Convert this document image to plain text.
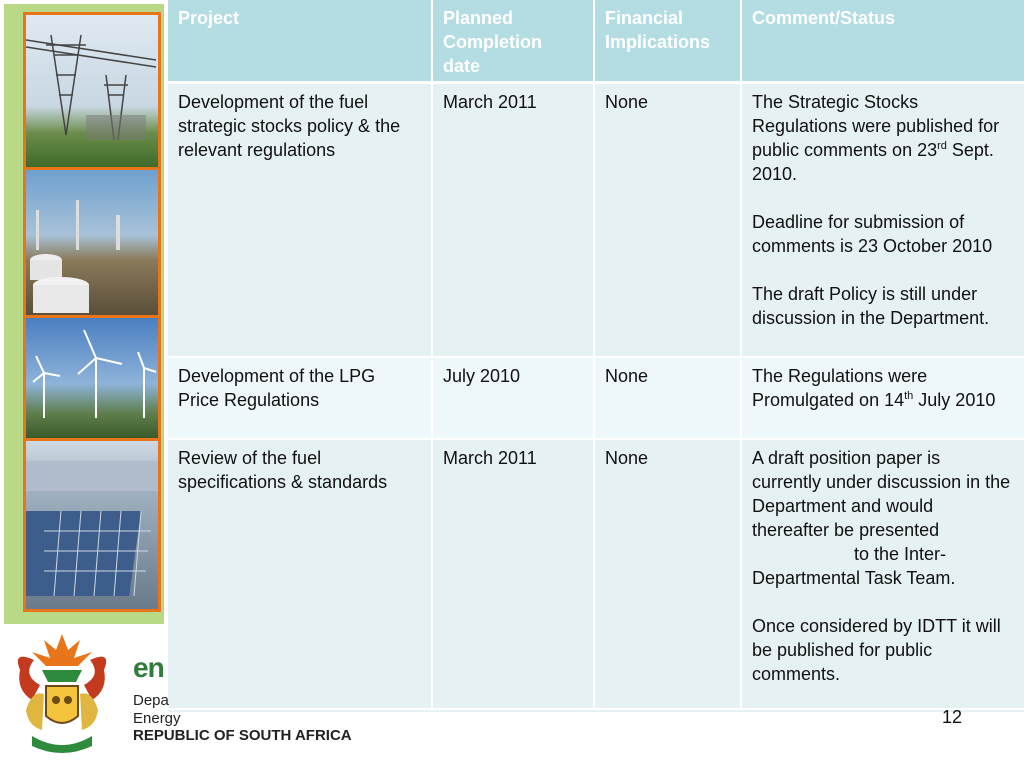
Project	Planned Completion date	Financial Implications	Comment/Status
Development of the fuel strategic stocks policy & the relevant regulations	March 2011	None	The Strategic Stocks Regulations were published for public comments on 23rd Sept. 2010.
Deadline for submission of comments is 23 October 2010
The draft Policy is still under discussion in the Department.

Development of the LPG Price Regulations	July 2010	None	The Regulations were Promulgated on 14th July 2010

Review of the fuel specifications & standards	March 2011	None	A draft position paper is currently under discussion in the Department and would thereafter be presented
to the Inter-
Departmental Task Team.
Once considered by IDTT it will be published for public comments.
en
Depa
Energy
REPUBLIC OF SOUTH AFRICA
12
